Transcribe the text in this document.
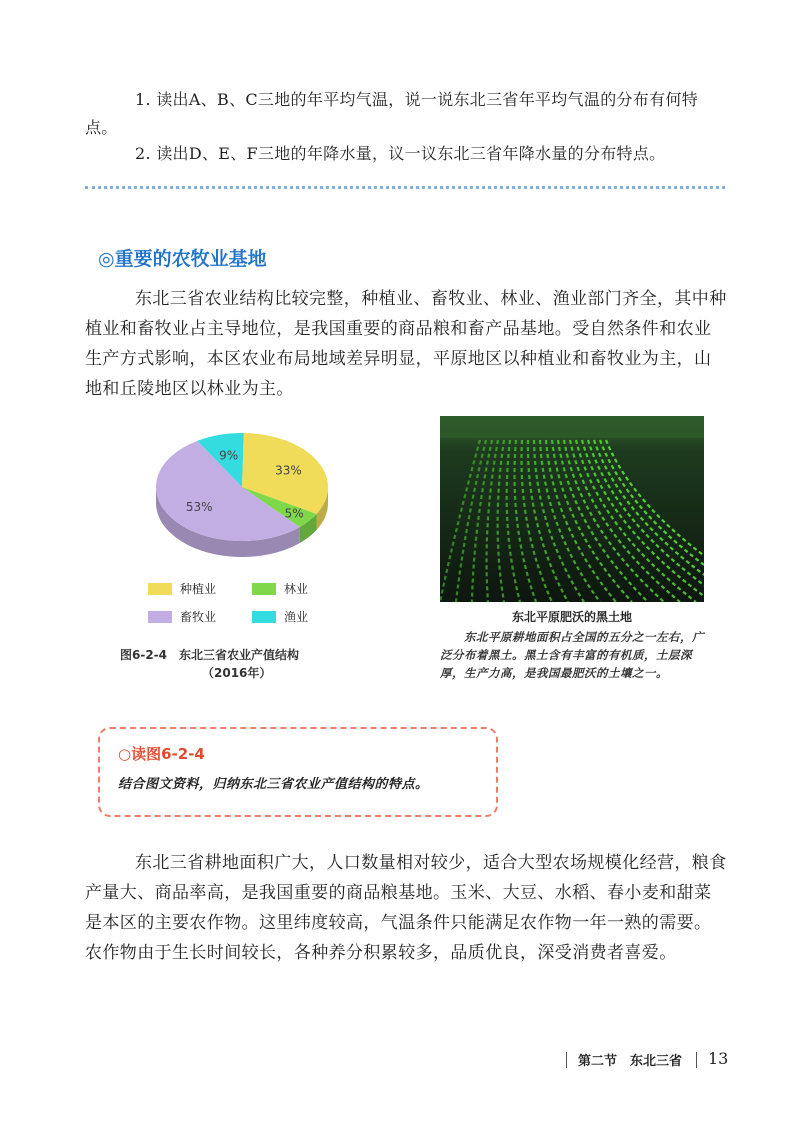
1. 读出A、B、C三地的年平均气温，说一说东北三省年平均气温的分布有何特点。
2. 读出D、E、F三地的年降水量，议一议东北三省年降水量的分布特点。
◎重要的农牧业基地
东北三省农业结构比较完整，种植业、畜牧业、林业、渔业部门齐全，其中种植业和畜牧业占主导地位，是我国重要的商品粮和畜产品基地。受自然条件和农业生产方式影响，本区农业布局地域差异明显，平原地区以种植业和畜牧业为主，山地和丘陵地区以林业为主。
33%
5%
53%
9%
种植业	林业
畜牧业	渔业
图6-2-4　东北三省农业产值结构
（2016年）
东北平原肥沃的黑土地
东北平原耕地面积占全国的五分之一左右，广泛分布着黑土。黑土含有丰富的有机质，土层深厚，生产力高，是我国最肥沃的土壤之一。
○读图6-2-4
结合图文资料，归纳东北三省农业产值结构的特点。
东北三省耕地面积广大，人口数量相对较少，适合大型农场规模化经营，粮食产量大、商品率高，是我国重要的商品粮基地。玉米、大豆、水稻、春小麦和甜菜是本区的主要农作物。这里纬度较高，气温条件只能满足农作物一年一熟的需要。农作物由于生长时间较长，各种养分积累较多，品质优良，深受消费者喜爱。
第二节　东北三省 13
